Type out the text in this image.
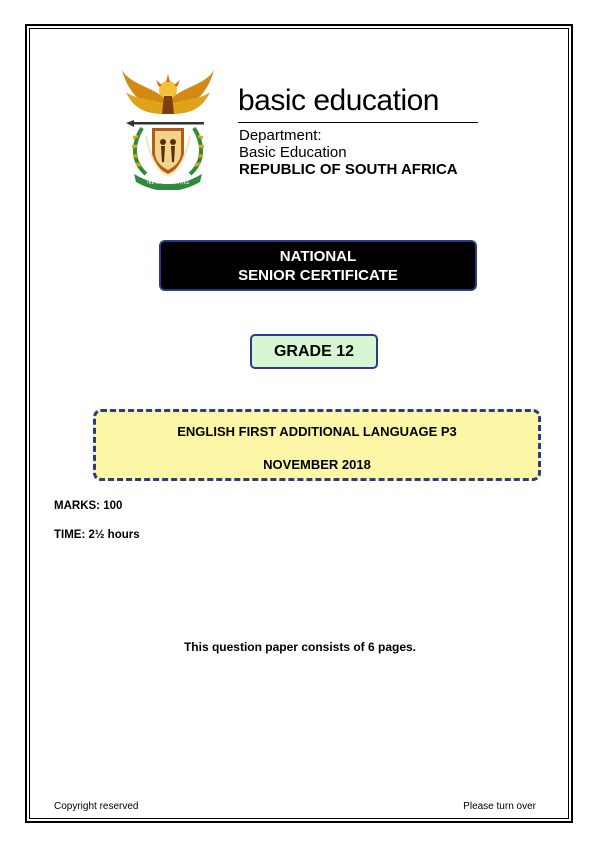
!KE E: /XARRA //KE
basic education
Department:
Basic Education
REPUBLIC OF SOUTH AFRICA
NATIONAL
SENIOR CERTIFICATE
GRADE 12
ENGLISH FIRST ADDITIONAL LANGUAGE P3
NOVEMBER 2018
MARKS: 100
TIME: 2½ hours
This question paper consists of 6 pages.
Copyright reserved	Please turn over
